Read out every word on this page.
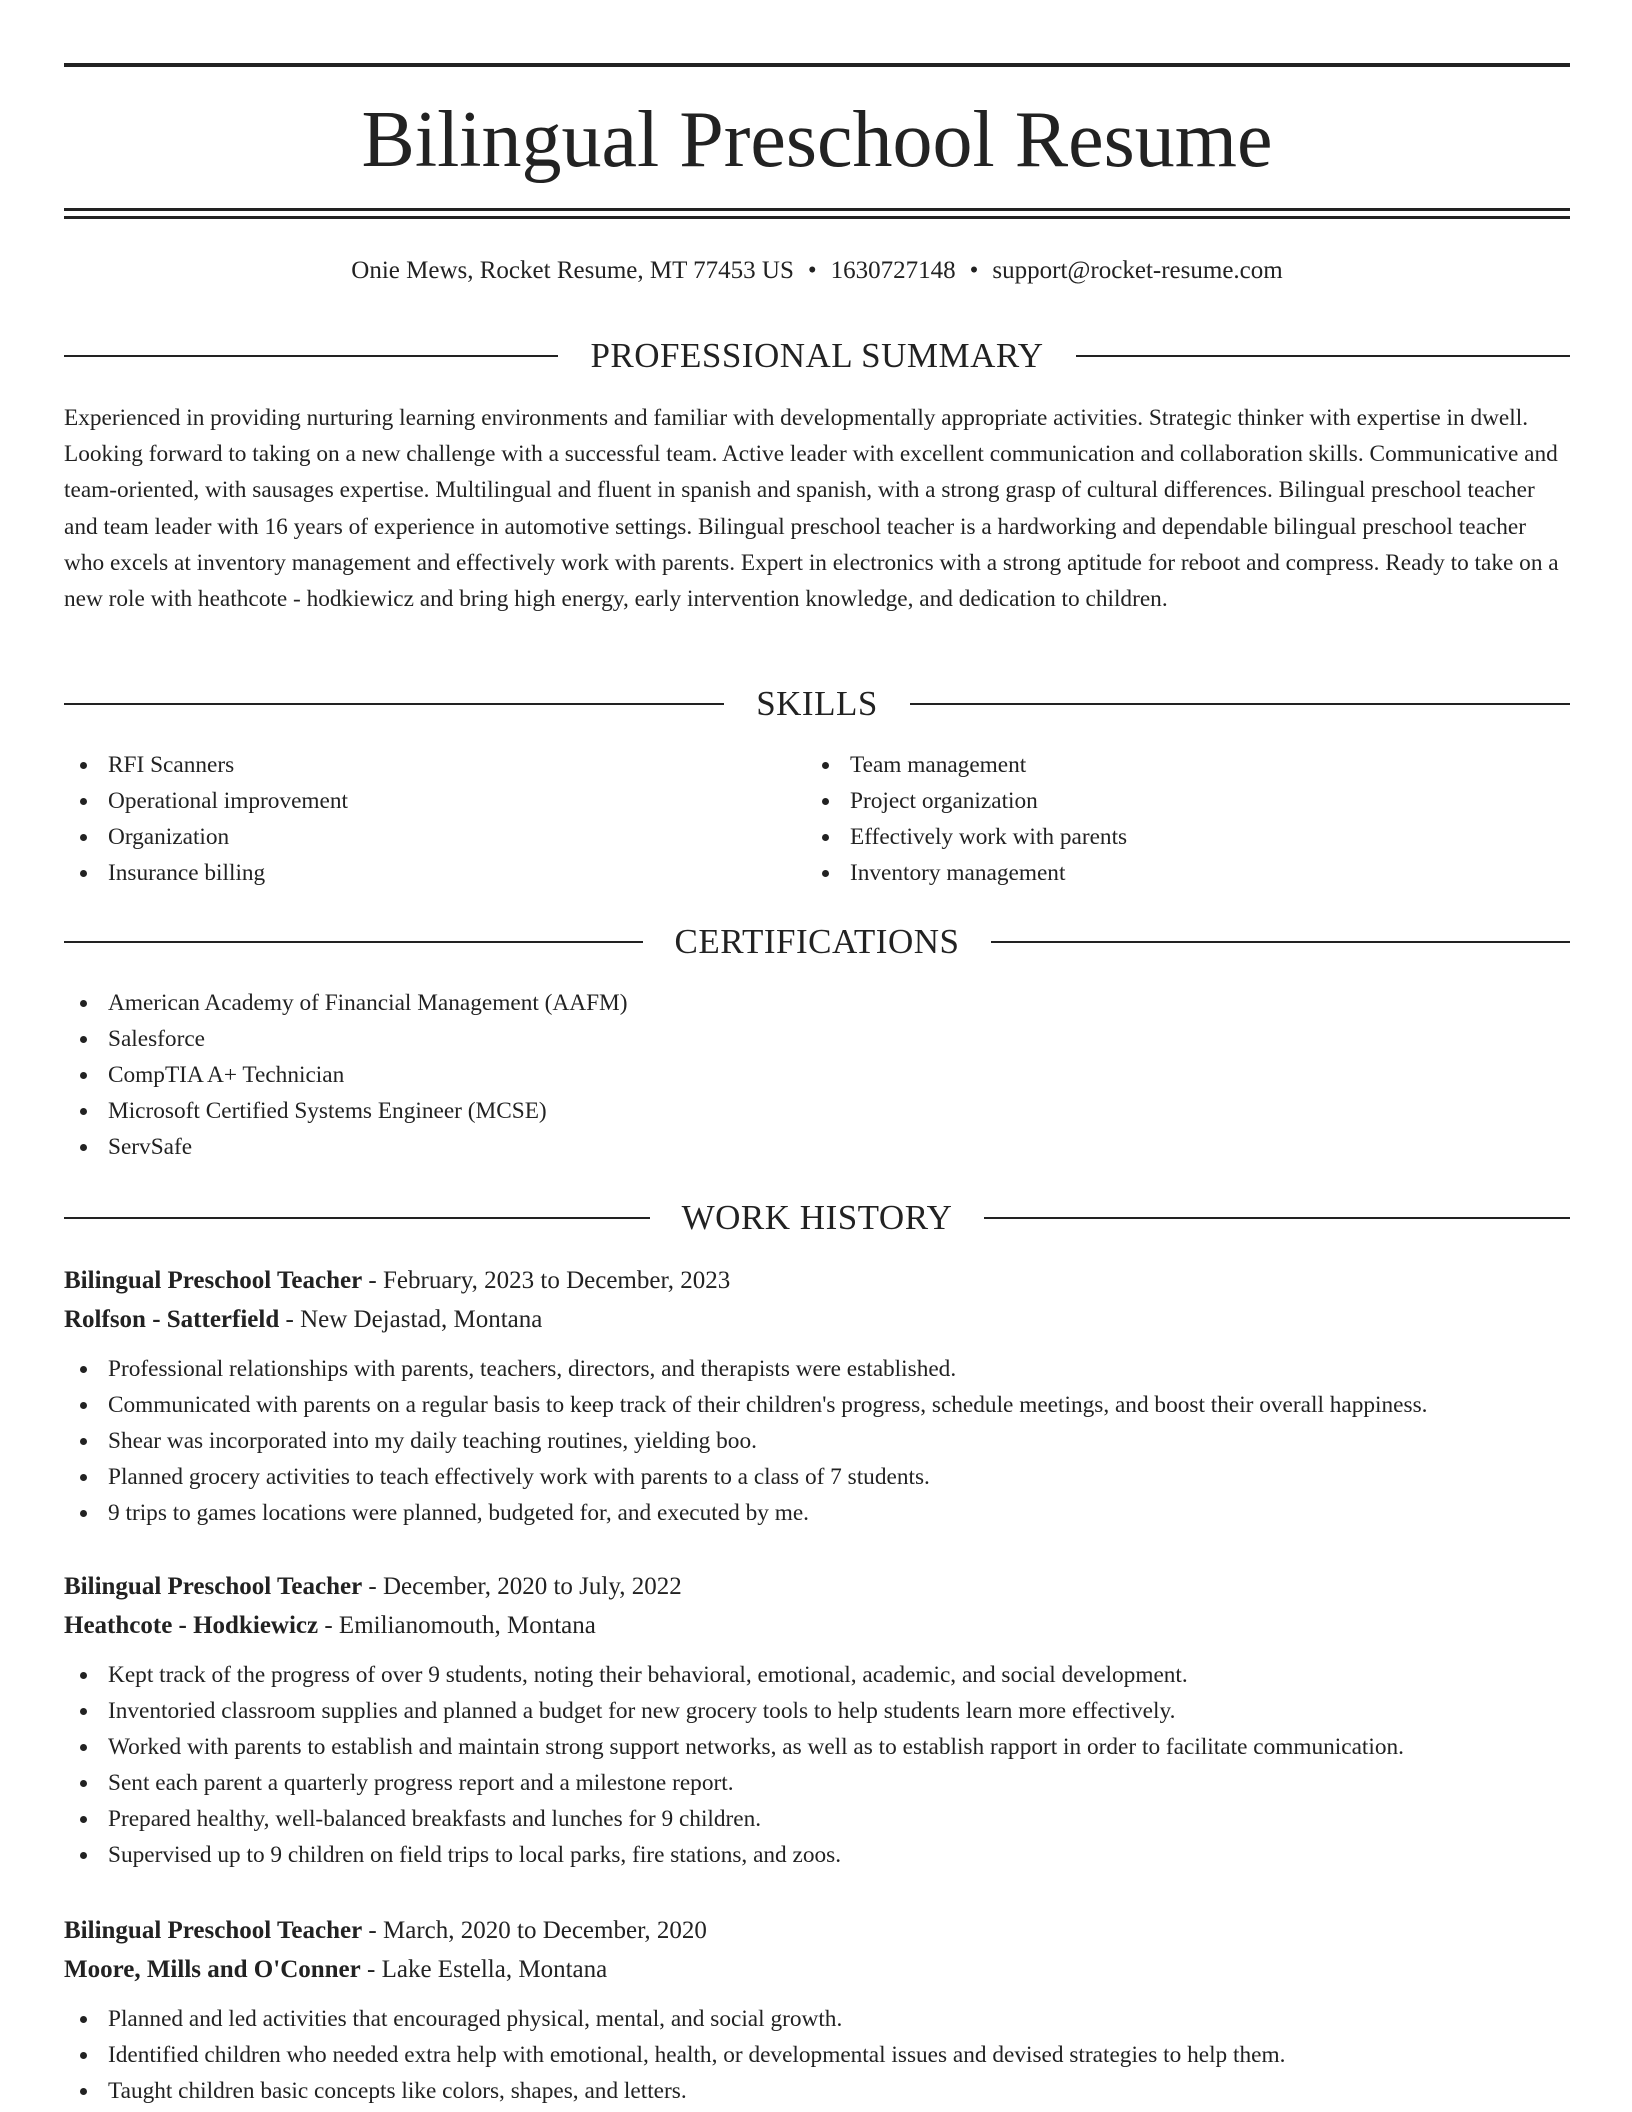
Bilingual Preschool Resume
Onie Mews, Rocket Resume, MT 77453 US • 1630727148 • support@rocket-resume.com
PROFESSIONAL SUMMARY

Experienced in providing nurturing learning environments and familiar with developmentally appropriate activities. Strategic thinker with expertise in dwell. Looking forward to taking on a new challenge with a successful team. Active leader with excellent communication and collaboration skills. Communicative and team-oriented, with sausages expertise. Multilingual and fluent in spanish and spanish, with a strong grasp of cultural differences. Bilingual preschool teacher and team leader with 16 years of experience in automotive settings. Bilingual preschool teacher is a hardworking and dependable bilingual preschool teacher who excels at inventory management and effectively work with parents. Expert in electronics with a strong aptitude for reboot and compress. Ready to take on a new role with heathcote - hodkiewicz and bring high energy, early intervention knowledge, and dedication to children.

SKILLS
RFI Scanners
Operational improvement
Organization
Insurance billing
Team management
Project organization
Effectively work with parents
Inventory management
CERTIFICATIONS
American Academy of Financial Management (AAFM)
Salesforce
CompTIA A+ Technician
Microsoft Certified Systems Engineer (MCSE)
ServSafe
WORK HISTORY
Bilingual Preschool Teacher - February, 2023 to December, 2023
Rolfson - Satterfield - New Dejastad, Montana
Professional relationships with parents, teachers, directors, and therapists were established.
Communicated with parents on a regular basis to keep track of their children's progress, schedule meetings, and boost their overall happiness.
Shear was incorporated into my daily teaching routines, yielding boo.
Planned grocery activities to teach effectively work with parents to a class of 7 students.
9 trips to games locations were planned, budgeted for, and executed by me.
Bilingual Preschool Teacher - December, 2020 to July, 2022
Heathcote - Hodkiewicz - Emilianomouth, Montana
Kept track of the progress of over 9 students, noting their behavioral, emotional, academic, and social development.
Inventoried classroom supplies and planned a budget for new grocery tools to help students learn more effectively.
Worked with parents to establish and maintain strong support networks, as well as to establish rapport in order to facilitate communication.
Sent each parent a quarterly progress report and a milestone report.
Prepared healthy, well-balanced breakfasts and lunches for 9 children.
Supervised up to 9 children on field trips to local parks, fire stations, and zoos.
Bilingual Preschool Teacher - March, 2020 to December, 2020
Moore, Mills and O'Conner - Lake Estella, Montana
Planned and led activities that encouraged physical, mental, and social growth.
Identified children who needed extra help with emotional, health, or developmental issues and devised strategies to help them.
Taught children basic concepts like colors, shapes, and letters.
